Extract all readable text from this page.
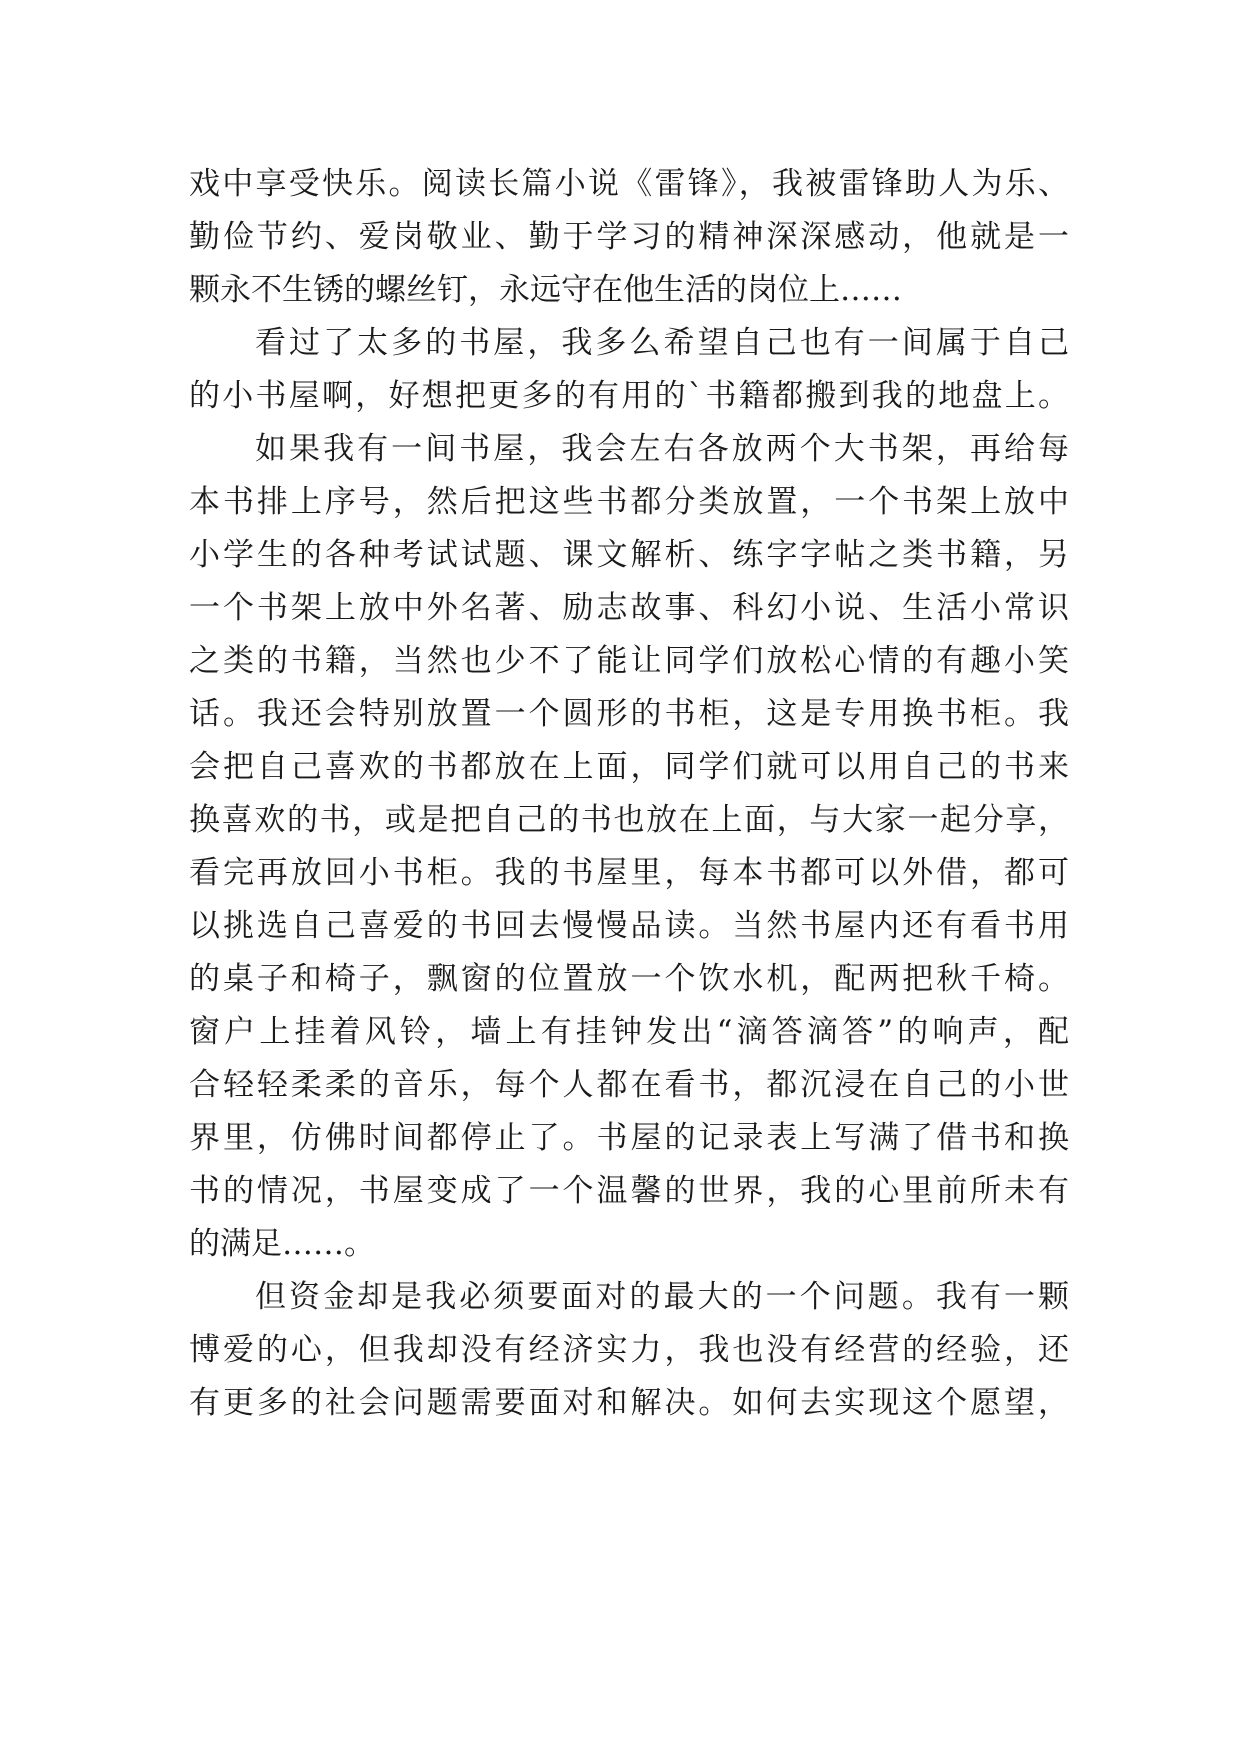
戏中享受快乐。阅读长篇小说《雷锋》，我被雷锋助人为乐、
勤俭节约、爱岗敬业、勤于学习的精神深深感动，他就是一
颗永不生锈的螺丝钉，永远守在他生活的岗位上……
看过了太多的书屋，我多么希望自己也有一间属于自己
的小书屋啊，好想把更多的有用的`书籍都搬到我的地盘上。
如果我有一间书屋，我会左右各放两个大书架，再给每
本书排上序号，然后把这些书都分类放置，一个书架上放中
小学生的各种考试试题、课文解析、练字字帖之类书籍，另
一个书架上放中外名著、励志故事、科幻小说、生活小常识
之类的书籍，当然也少不了能让同学们放松心情的有趣小笑
话。我还会特别放置一个圆形的书柜，这是专用换书柜。我
会把自己喜欢的书都放在上面，同学们就可以用自己的书来
换喜欢的书，或是把自己的书也放在上面，与大家一起分享，
看完再放回小书柜。我的书屋里，每本书都可以外借，都可
以挑选自己喜爱的书回去慢慢品读。当然书屋内还有看书用
的桌子和椅子，飘窗的位置放一个饮水机，配两把秋千椅。
窗户上挂着风铃，墙上有挂钟发出“滴答滴答”的响声，配
合轻轻柔柔的音乐，每个人都在看书，都沉浸在自己的小世
界里，仿佛时间都停止了。书屋的记录表上写满了借书和换
书的情况，书屋变成了一个温馨的世界，我的心里前所未有
的满足……。
但资金却是我必须要面对的最大的一个问题。我有一颗
博爱的心，但我却没有经济实力，我也没有经营的经验，还
有更多的社会问题需要面对和解决。如何去实现这个愿望，
